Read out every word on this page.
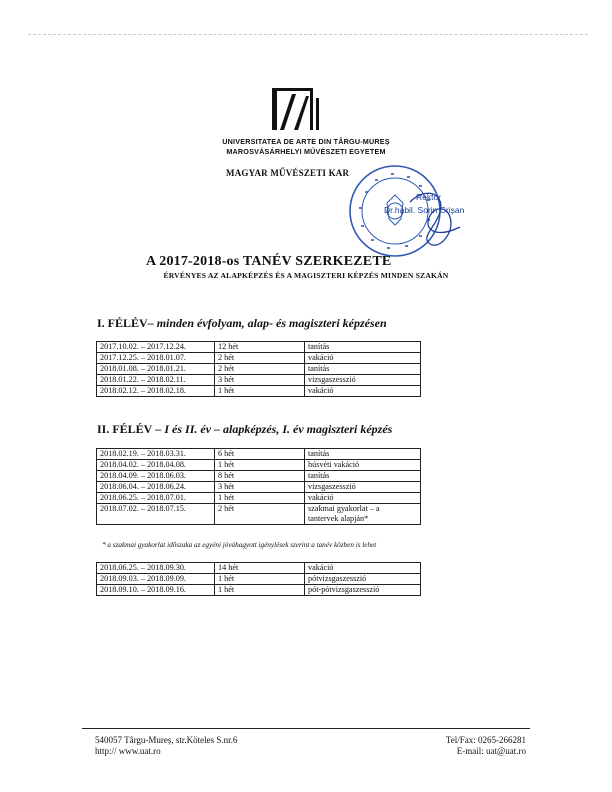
UNIVERSITATEA DE ARTE DIN TÂRGU-MUREȘ
MAROSVÁSÁRHELYI MŰVÉSZETI EGYETEM
MAGYAR MŰVÉSZETI KAR
Rektor
Dr.habil. Sorin Crișan
A 2017-2018-os TANÉV SZERKEZETE
ÉRVÉNYES AZ ALAPKÉPZÉS ÉS A MAGISZTERI KÉPZÉS MINDEN SZAKÁN
I. FÉLÉV– minden évfolyam, alap- és magiszteri képzésen
2017.10.02. – 2017.12.24.	12 hét	tanítás
2017.12.25. – 2018.01.07.	2 hét	vakáció
2018.01.08. – 2018.01.21.	2 hét	tanítás
2018.01.22. – 2018.02.11.	3 hét	vizsgaszesszió
2018.02.12. – 2018.02.18.	1 hét	vakáció
II. FÉLÉV – I és II. év – alapképzés, I. év magiszteri képzés
2018.02.19. – 2018.03.31.	6 hét	tanítás
2018.04.02. – 2018.04.08.	1 hét	húsvéti vakáció
2018.04.09. – 2018.06.03.	8 hét	tanítás
2018.06.04. – 2018.06.24.	3 hét	vizsgaszesszió
2018.06.25. – 2018.07.01.	1 hét	vakáció
2018.07.02. – 2018.07.15.	2 hét	szakmai gyakorlat – a
tantervek alapján*
* a szakmai gyakorlat időszaka az egyéni jóváhagyott igénylések szerint a tanév közben is lehet
2018.06.25. – 2018.09.30.	14 hét	vakáció
2018.09.03. – 2018.09.09.	1 hét	pótvizsgaszesszió
2018.09.10. – 2018.09.16.	1 hét	pót-pótvizsgaszesszió
540057 Târgu-Mureș, str.Köteles S.nr.6
http:// www.uat.ro
Tel/Fax: 0265-266281
E-mail: uat@uat.ro
